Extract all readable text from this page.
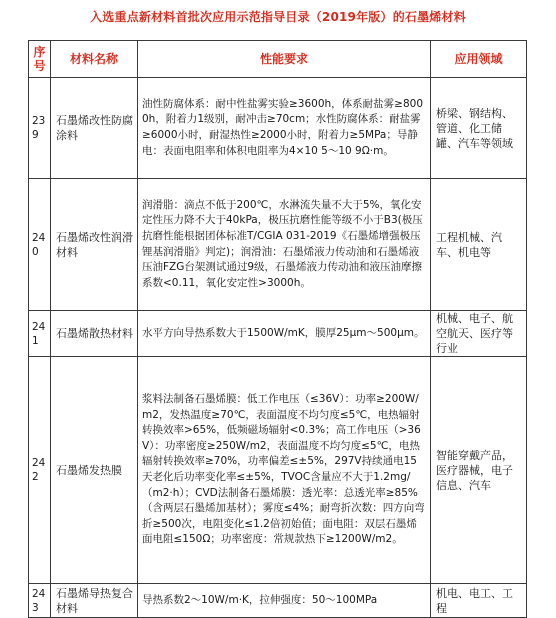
入选重点新材料首批次应用示范指导目录（2019年版）的石墨烯材料
序
号	材料名称	性能要求	应用领域
239	石墨烯改性防腐涂料	油性防腐体系：耐中性盐雾实验≥3600h，体系耐盐雾≥8000h，附着力1级别，耐冲击≥70cm；水性防腐体系：耐盐雾≥6000小时，耐湿热性≥2000小时，附着力≥5MPa；导静电：表面电阻率和体积电阻率为4×10 5～10 9Ω·m。	桥梁、钢结构、管道、化工储罐、汽车等领域
240	石墨烯改性润滑材料	润滑脂：滴点不低于200℃，水淋流失量不大于5%，氧化安定性压力降不大于40kPa，极压抗磨性能等级不小于B3(极压抗磨性能根据团体标准T/CGIA 031-2019《石墨烯增强极压锂基润滑脂》判定)；润滑油：石墨烯液力传动油和石墨烯液压油FZG台架测试通过9级，石墨烯液力传动油和液压油摩擦系数<0.11，氧化安定性>3000h。	工程机械、汽车、机电等
241	石墨烯散热材料	水平方向导热系数大于1500W/mK，膜厚25μm～500μm。	机械、电子、航空航天、医疗等行业
242	石墨烯发热膜	浆料法制备石墨烯膜：低工作电压（≤36V）：功率≥200W/m2，发热温度≥70℃，表面温度不均匀度≤5℃，电热辐射转换效率>65%，低频磁场辐射<0.3%；高工作电压（>36V）：功率密度≥250W/m2，表面温度不均匀度≤5℃，电热辐射转换效率≥70%，功率偏差≤±5%，297V持续通电15天老化后功率变化率≤±5%，TVOC含量应不大于1.2mg/（m2·h）；CVD法制备石墨烯膜：透光率：总透光率≥85%（含两层石墨烯加基材）；雾度≤4%；耐弯折次数：四方向弯折≥500次，电阻变化≤1.2倍初始值；面电阻：双层石墨烯面电阻≤150Ω；功率密度：常规款热下≥1200W/m2。	智能穿戴产品，医疗器械，电子信息、汽车
243	石墨烯导热复合材料	导热系数2～10W/m·K，拉伸强度：50～100MPa	机电、电工、工程
